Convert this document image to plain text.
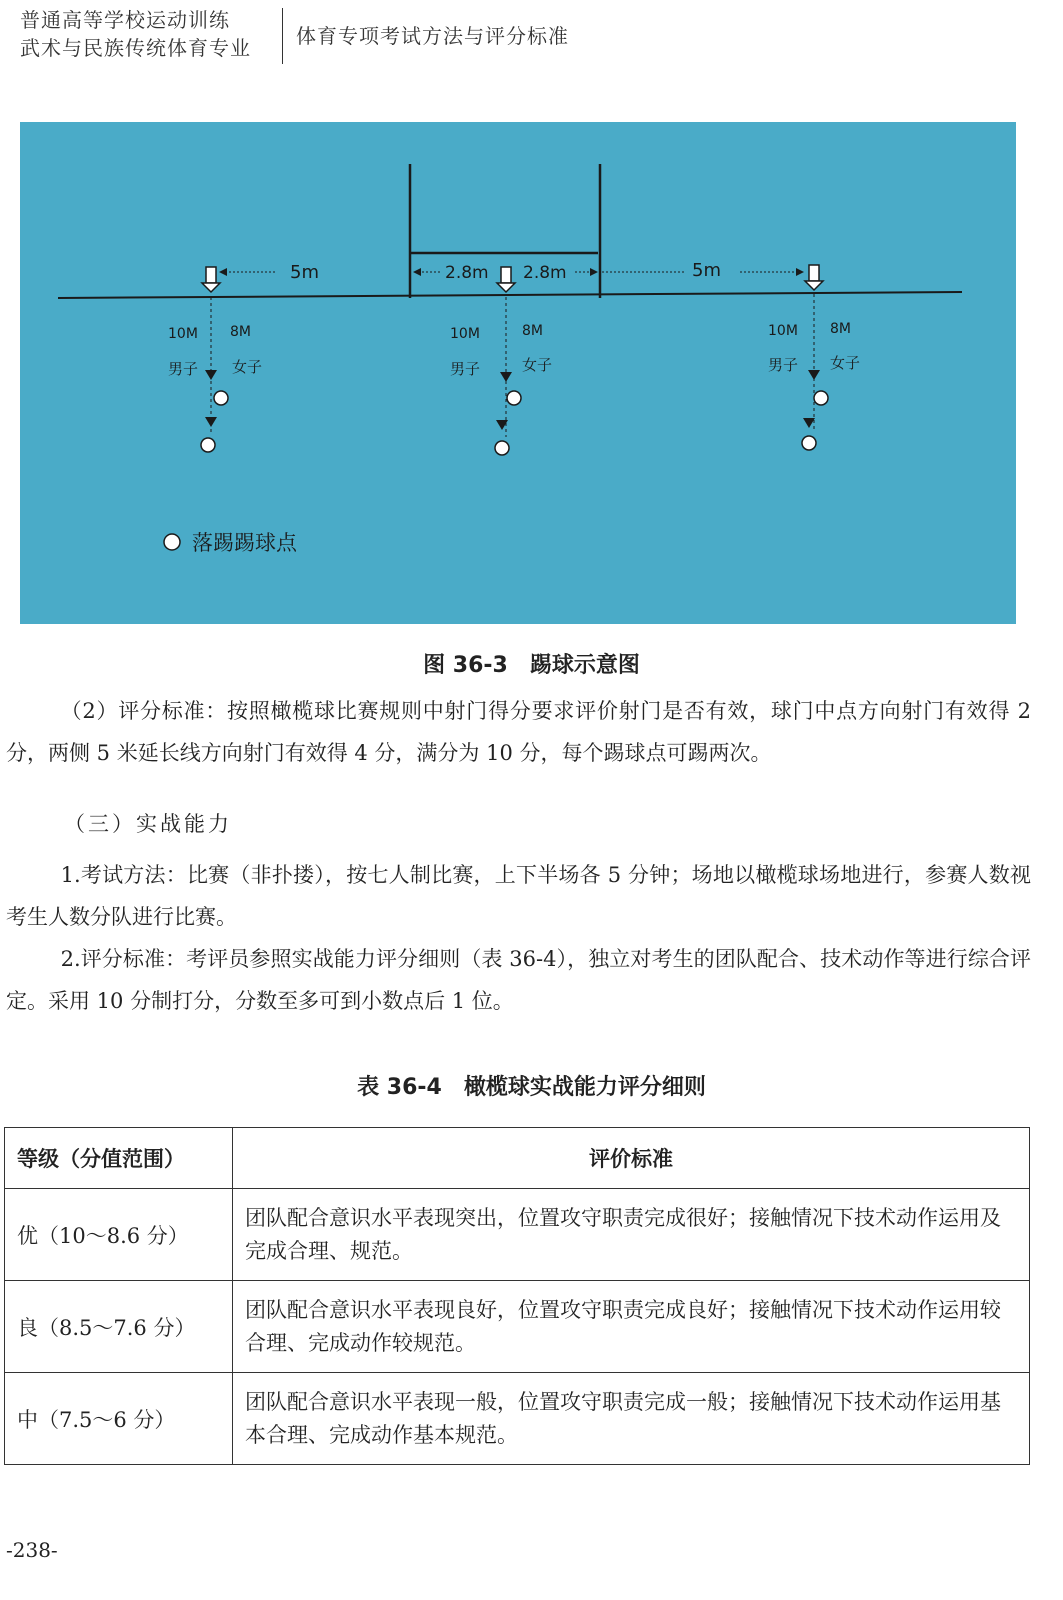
普通高等学校运动训练
武术与民族传统体育专业	体育专项考试方法与评分标准
5m	2.8m 2.8m	5m
10M 8M
男子 女子
10M	8M
男子	女子
10M 8M
男子 女子
落踢踢球点
图 36-3　踢球示意图
（2）评分标准：按照橄榄球比赛规则中射门得分要求评价射门是否有效，球门中点方向射门有效得 2 分，两侧 5 米延长线方向射门有效得 4 分，满分为 10 分，每个踢球点可踢两次。
（三）实战能力
1.考试方法：比赛（非扑搂），按七人制比赛，上下半场各 5 分钟；场地以橄榄球场地进行，参赛人数视考生人数分队进行比赛。
2.评分标准：考评员参照实战能力评分细则（表 36-4），独立对考生的团队配合、技术动作等进行综合评定。采用 10 分制打分，分数至多可到小数点后 1 位。
表 36-4　橄榄球实战能力评分细则
等级（分值范围）	评价标准
优（10～8.6 分）	团队配合意识水平表现突出，位置攻守职责完成很好；接触情况下技术动作运用及完成合理、规范。
良（8.5～7.6 分）	团队配合意识水平表现良好，位置攻守职责完成良好；接触情况下技术动作运用较合理、完成动作较规范。
中（7.5～6 分）	团队配合意识水平表现一般，位置攻守职责完成一般；接触情况下技术动作运用基本合理、完成动作基本规范。
-238-
